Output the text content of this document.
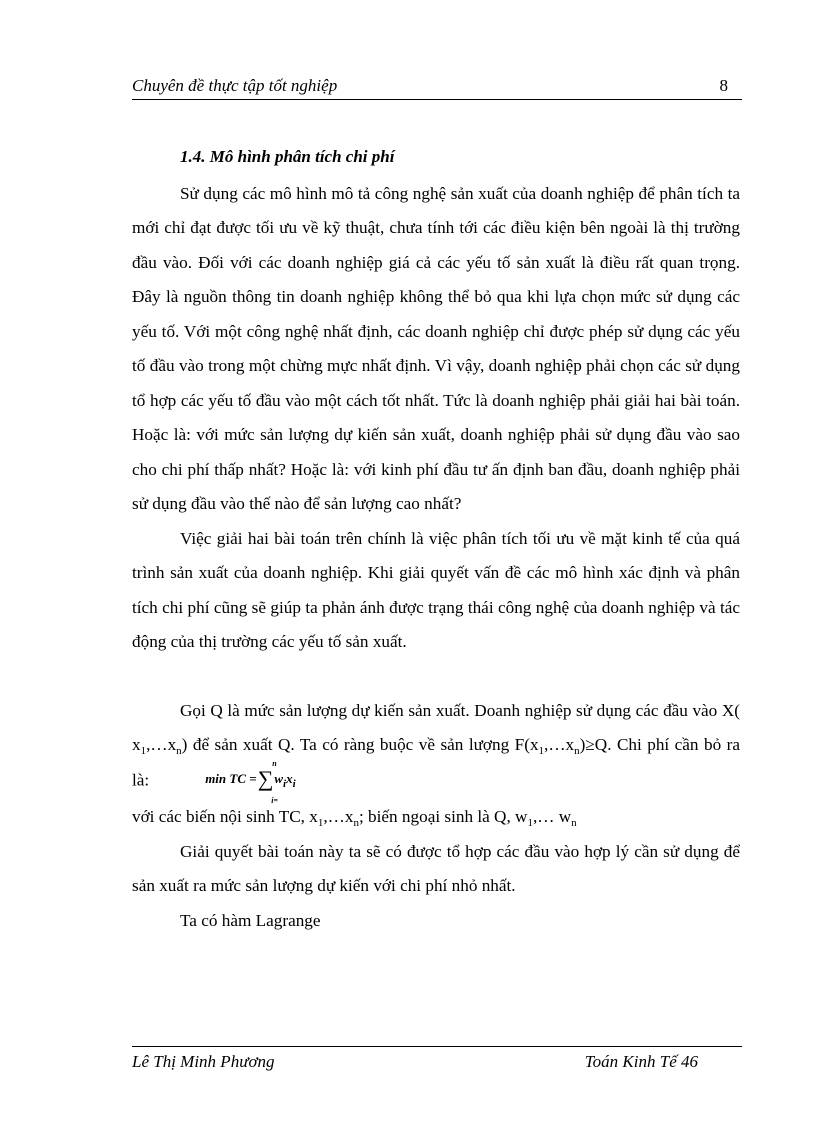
Chuyên đề thực tập tốt nghiệp	8
1.4. Mô hình phân tích chi phí

Sử dụng các mô hình mô tả công nghệ sản xuất của doanh nghiệp để phân tích ta mới chỉ đạt được tối ưu về kỹ thuật, chưa tính tới các điều kiện bên ngoài là thị trường đầu vào. Đối với các doanh nghiệp giá cả các yếu tố sản xuất là điều rất quan trọng. Đây là nguồn thông tin doanh nghiệp không thể bỏ qua khi lựa chọn mức sử dụng các yếu tố. Với một công nghệ nhất định, các doanh nghiệp chỉ được phép sử dụng các yếu tố đầu vào trong một chừng mực nhất định. Vì vậy, doanh nghiệp phải chọn các sử dụng tổ hợp các yếu tố đầu vào một cách tốt nhất. Tức là doanh nghiệp phải giải hai bài toán. Hoặc là: với mức sản lượng dự kiến sản xuất, doanh nghiệp phải sử dụng đầu vào sao cho chi phí thấp nhất? Hoặc là: với kinh phí đầu tư ấn định ban đầu, doanh nghiệp phải sử dụng đầu vào thế nào để sản lượng cao nhất?

Việc giải hai bài toán trên chính là việc phân tích tối ưu về mặt kinh tế của quá trình sản xuất của doanh nghiệp. Khi giải quyết vấn đề các mô hình xác định và phân tích chi phí cũng sẽ giúp ta phản ánh được trạng thái công nghệ của doanh nghiệp và tác động của thị trường các yếu tố sản xuất.

Gọi Q là mức sản lượng dự kiến sản xuất. Doanh nghiệp sử dụng các đầu vào X( $x_1,\dots x_n$) để sản xuất Q. Ta có ràng buộc về sản lượng $F(x_1,\dots x_n)\ge Q$. Chi phí cần bỏ ra là:	min TC $=\sum w_ix_i$
n
i=

với các biến nội sinh TC, $x_1,\dots x_n$; biến ngoại sinh là Q, $w_1,\dots$ $w_n$

Giải quyết bài toán này ta sẽ có được tổ hợp các đầu vào hợp lý cần sử dụng để sản xuất ra mức sản lượng dự kiến với chi phí nhỏ nhất.

Ta có hàm Lagrange

Lê Thị Minh Phương	Toán Kinh Tế 46
